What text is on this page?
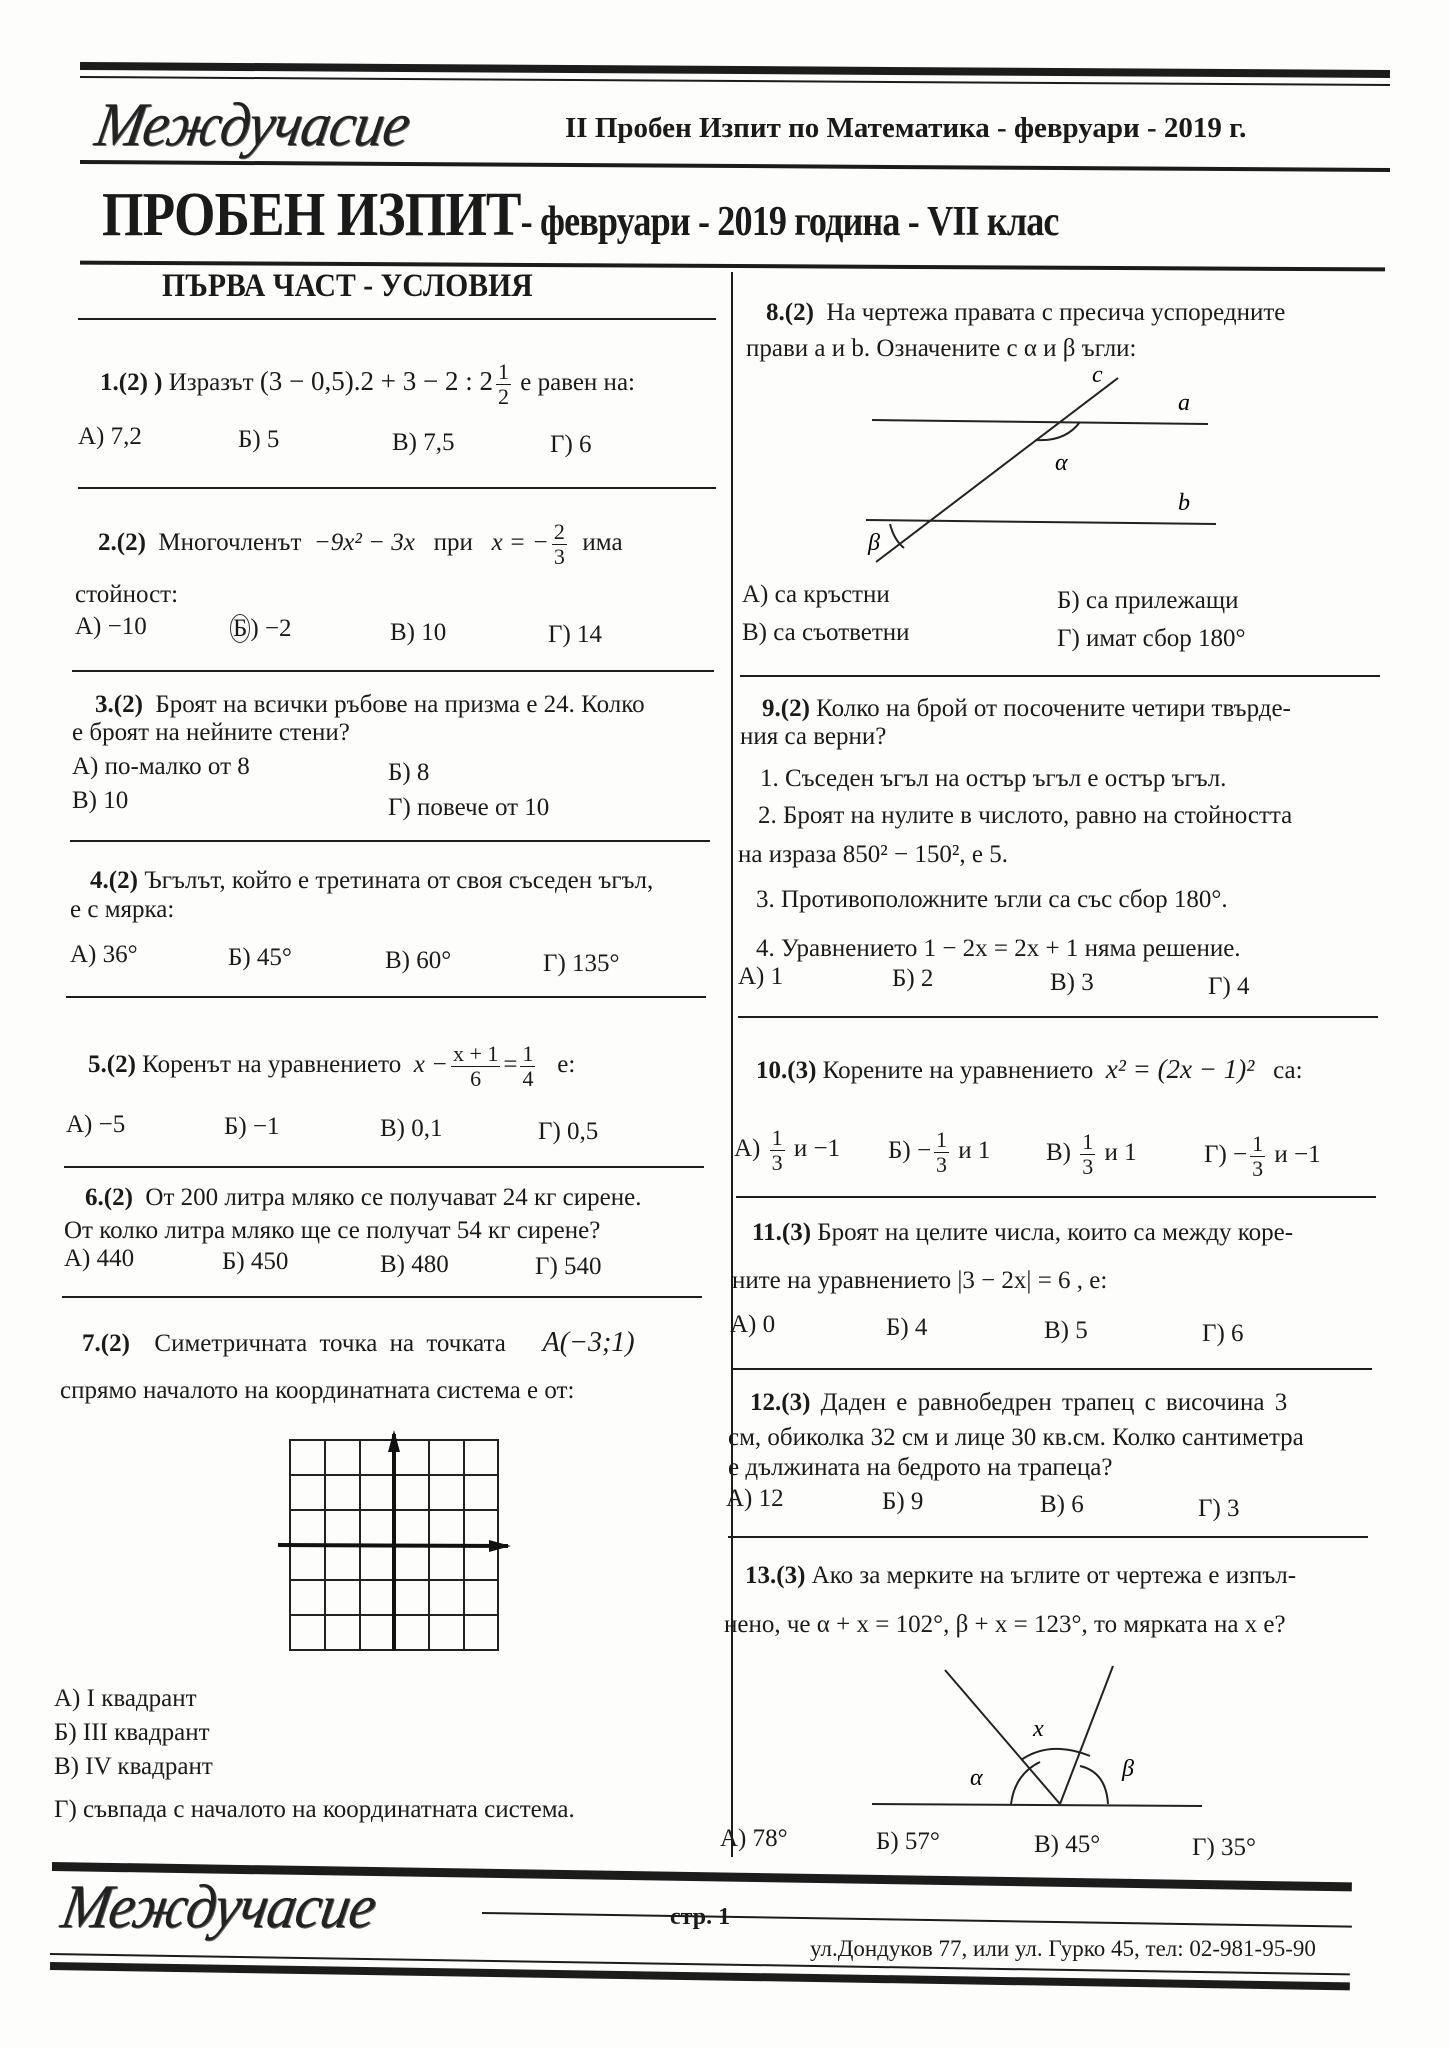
Междучасие	II Пробен Изпит по Математика - февруари - 2019 г.
ПРОБЕН ИЗПИТ- февруари - 2019 година - VII клас
ПЪРВА ЧАСТ - УСЛОВИЯ
1.(2) ) Изразът (3 − 0,5).2 + 3 − 2 : $2 \frac{1}{2}$ е равен на:
А) 7,2	Б) 5	В) 7,5	Г) 6
2.(2) Многочленът −9x² − 3x при x = − $\frac{2}{3}$ има
стойност:
А) −10	Б ) −2	В) 10	Г) 14
3.(2) Броят на всички ръбове на призма е 24. Колко
е броят на нейните стени?
А) по-малко от 8	Б) 8
В) 10	Г) повече от 10
4.(2) Ъгълът, който е третината от своя съседен ъгъл,
е с мярка:
А) 36°	Б) 45°	В) 60°	Г) 135°
5.(2) Коренът на уравнението $x - \frac{x + 1}{6} = \frac{1}{4} е$:
А) −5	Б) −1	В) 0,1	Г) 0,5
6.(2) От 200 литра мляко се получават 24 кг сирене.
От колко литра мляко ще се получат 54 кг сирене?
А) 440	Б) 450	В) 480	Г) 540
7.(2) Симетричната точка на точката A(−3;1)
спрямо началото на координатната система е от:
А) I квадрант
Б) III квадрант
В) IV квадрант
Г) съвпада с началото на координатната система.
8.(2) На чертежа правата c пресича успоредните
прави a и b. Означените с α и β ъгли:
c
a
α
b
β
А) са кръстни	Б) са прилежащи
В) са съответни	Г) имат сбор 180°
9.(2) Колко на брой от посочените четири твърде-
ния са верни?
1. Съседен ъгъл на остър ъгъл е остър ъгъл.
2. Броят на нулите в числото, равно на стойността
на израза 850² − 150², е 5.
3. Противоположните ъгли са със сбор 180°.
4. Уравнението 1 − 2x = 2x + 1 няма решение.
А) 1	Б) 2	В) 3	Г) 4
10.(3) Корените на уравнението x² = (2x − 1)² са:
$А) \frac{1}{3}$ и −1 $Б) - \frac{1}{3}$ и 1 $В) \frac{1}{3}$ и 1	$Г) - \frac{1}{3}$ и −1
11.(3) Броят на целите числа, които са между коре-
ните на уравнението |3 − 2x| = 6 , е:
А) 0	Б) 4	В) 5	Г) 6
12.(3) Даден е равнобедрен трапец с височина 3
см, обиколка 32 см и лице 30 кв.см. Колко сантиметра
е дължината на бедрото на трапеца?
А) 12	Б) 9	В) 6	Г) 3
13.(3) Ако за мерките на ъглите от чертежа е изпъл-
нено, че α + x = 102°, β + x = 123°, то мярката на x е?
x
α	β
А) 78°	Б) 57°	В) 45°	Г) 35°
Междучасие	стр. 1
ул.Дондуков 77, или ул. Гурко 45, тел: 02-981-95-90
